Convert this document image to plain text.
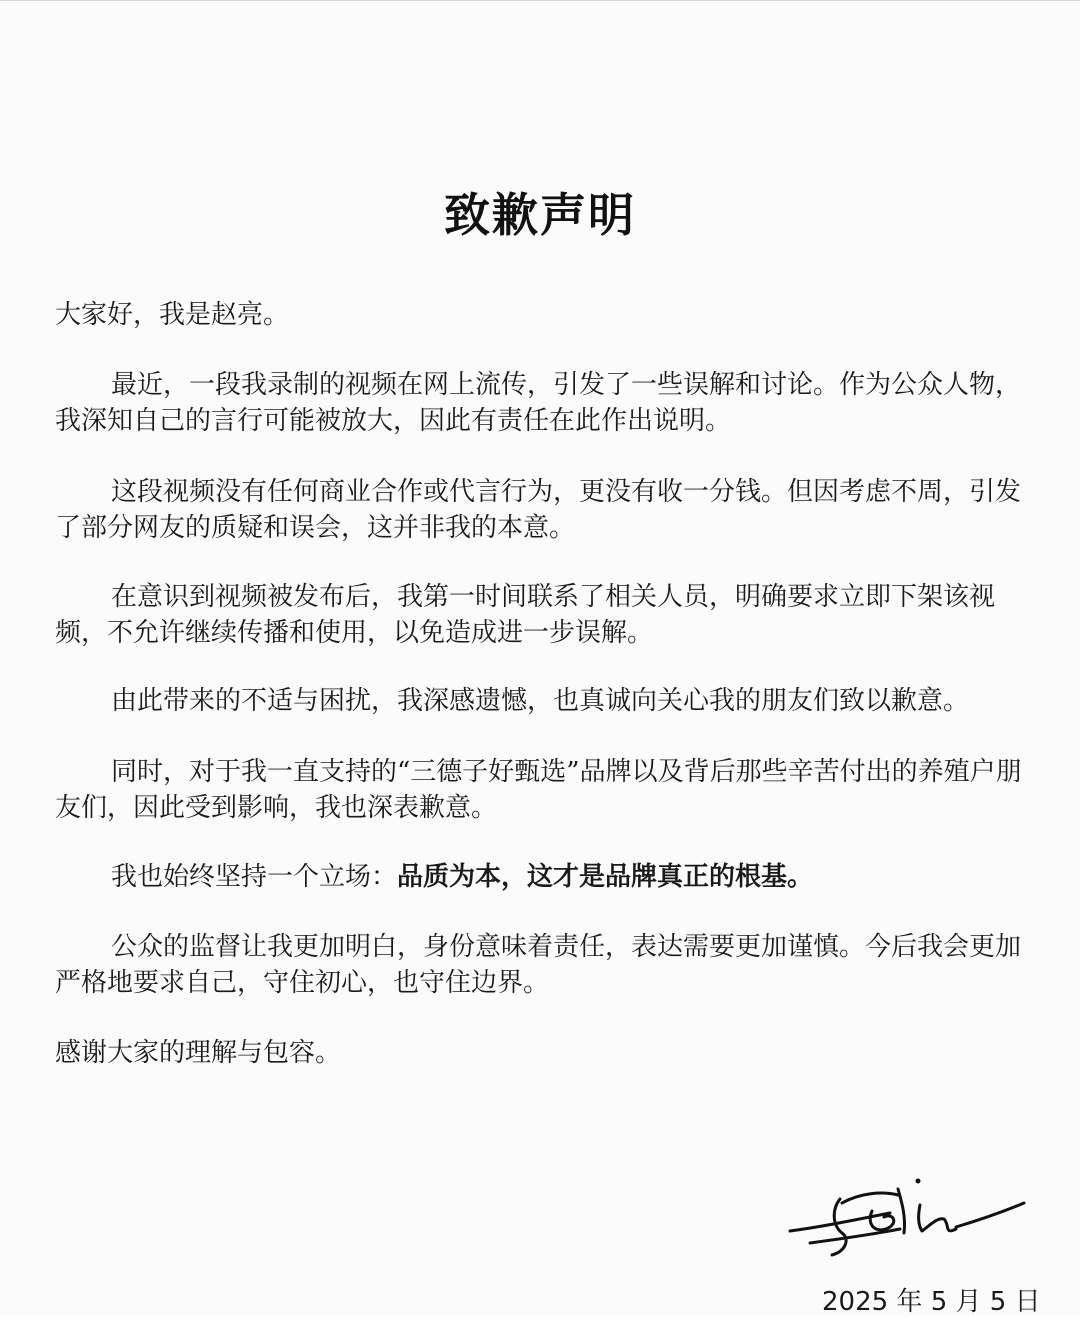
致歉声明

大家好，我是赵亮。

最近，一段我录制的视频在网上流传，引发了一些误解和讨论。作为公众人物，我深知自己的言行可能被放大，因此有责任在此作出说明。

这段视频没有任何商业合作或代言行为，更没有收一分钱。但因考虑不周，引发了部分网友的质疑和误会，这并非我的本意。

在意识到视频被发布后，我第一时间联系了相关人员，明确要求立即下架该视频，不允许继续传播和使用，以免造成进一步误解。

由此带来的不适与困扰，我深感遗憾，也真诚向关心我的朋友们致以歉意。

同时，对于我一直支持的“三德子好甄选”品牌以及背后那些辛苦付出的养殖户朋友们，因此受到影响，我也深表歉意。

我也始终坚持一个立场：品质为本，这才是品牌真正的根基。

公众的监督让我更加明白，身份意味着责任，表达需要更加谨慎。今后我会更加严格地要求自己，守住初心，也守住边界。

感谢大家的理解与包容。

2025 年 5 月 5 日
